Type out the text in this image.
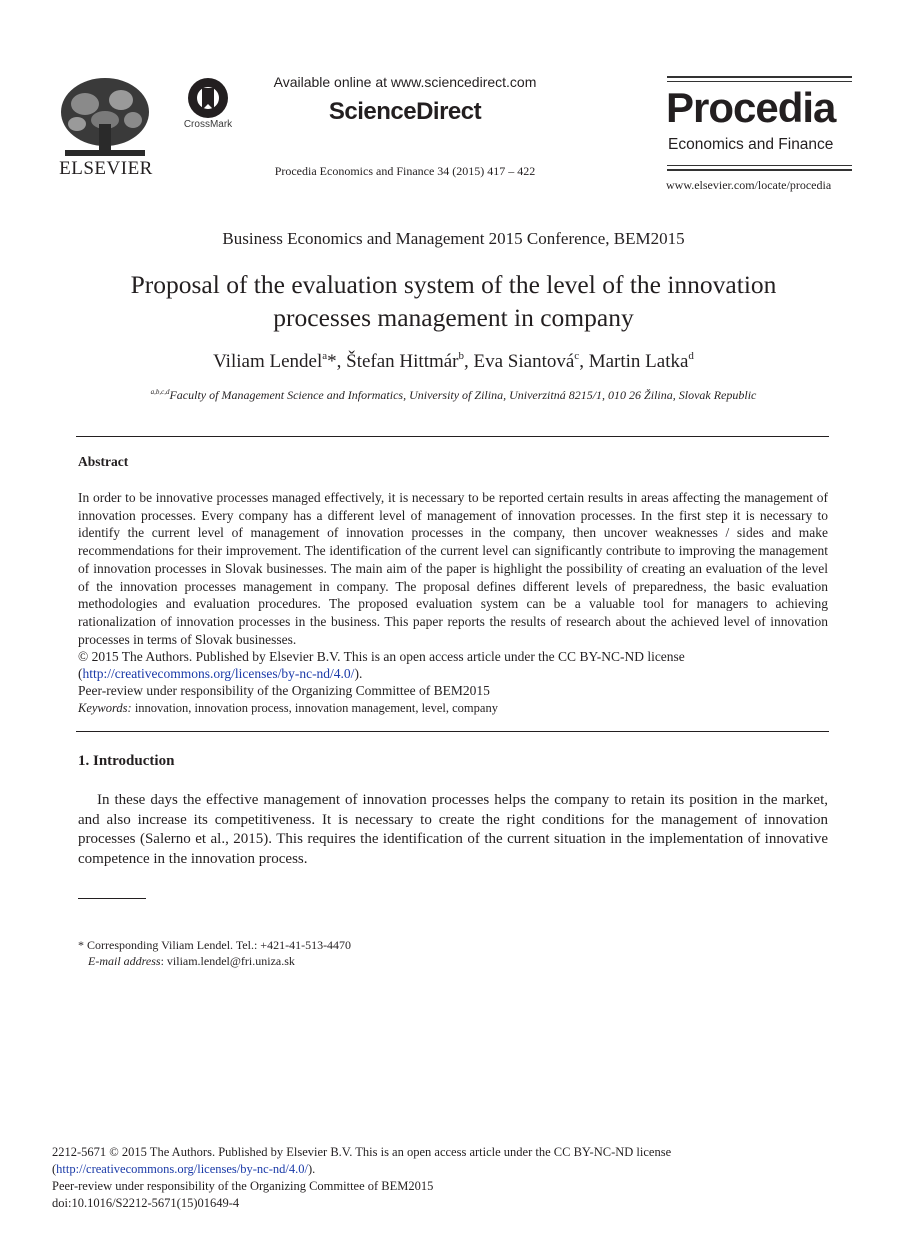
ELSEVIER
CrossMark
Available online at www.sciencedirect.com
ScienceDirect
Procedia Economics and Finance 34 (2015) 417 – 422
Procedia
Economics and Finance
www.elsevier.com/locate/procedia
Business Economics and Management 2015 Conference, BEM2015
Proposal of the evaluation system of the level of the innovation
processes management in company
Viliam Lendel$^a$*, Štefan Hittmár$^b$, Eva Siantová$^c$, Martin Latka$^d$
$^{a,b,c,d}$Faculty of Management Science and Informatics, University of Zilina, Univerzitná 8215/1, 010 26 Žilina, Slovak Republic
Abstract
In order to be innovative processes managed effectively, it is necessary to be reported certain results in areas affecting the management of innovation processes. Every company has a different level of management of innovation processes. In the first step it is necessary to identify the current level of management of innovation processes in the company, then uncover weaknesses / sides and make recommendations for their improvement. The identification of the current level can significantly contribute to improving the management of innovation processes in Slovak businesses. The main aim of the paper is highlight the possibility of creating an evaluation of the level of the innovation processes management in company. The proposal defines different levels of preparedness, the basic evaluation methodologies and evaluation procedures. The proposed evaluation system can be a valuable tool for managers to achieving rationalization of innovation processes in the business. This paper reports the results of research about the achieved level of innovation processes in terms of Slovak businesses.
© 2015 The Authors. Published by Elsevier B.V. This is an open access article under the CC BY-NC-ND license
(http://creativecommons.org/licenses/by-nc-nd/4.0/).
Peer-review under responsibility of the Organizing Committee of BEM2015
Keywords: innovation, innovation process, innovation management, level, company
1. Introduction
In these days the effective management of innovation processes helps the company to retain its position in the market, and also increase its competitiveness. It is necessary to create the right conditions for the management of innovation processes (Salerno et al., 2015). This requires the identification of the current situation in the implementation of innovative competence in the innovation process.
* Corresponding Viliam Lendel. Tel.: +421-41-513-4470
E-mail address: viliam.lendel@fri.uniza.sk
2212-5671 © 2015 The Authors. Published by Elsevier B.V. This is an open access article under the CC BY-NC-ND license
(http://creativecommons.org/licenses/by-nc-nd/4.0/).
Peer-review under responsibility of the Organizing Committee of BEM2015
doi:10.1016/S2212-5671(15)01649-4
